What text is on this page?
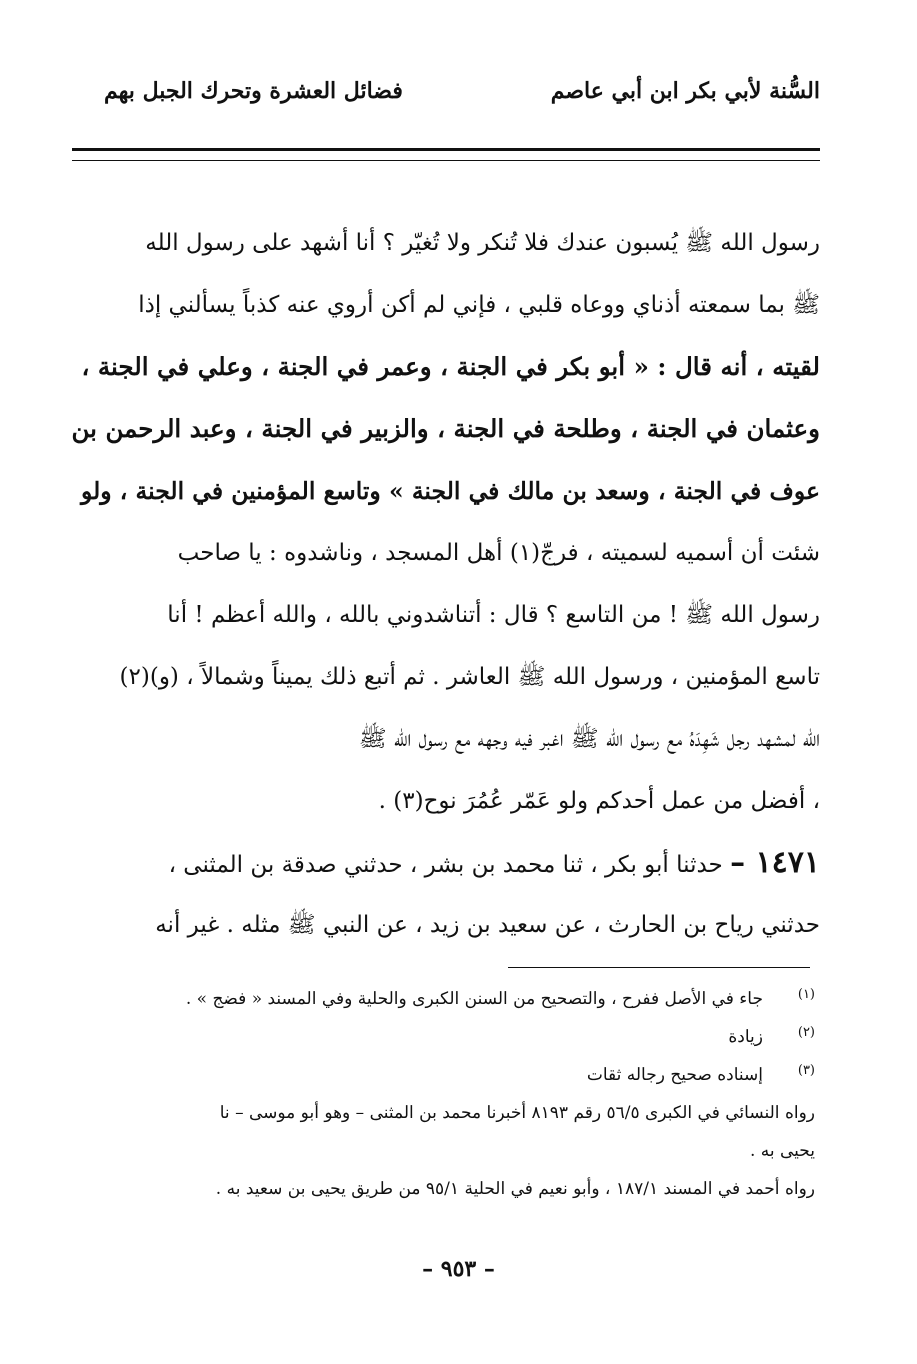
السُّنة لأبي بكر ابن أبي عاصم
فضائل العشرة وتحرك الجبل بهم
رسول الله ﷺ يُسبون عندك فلا تُنكر ولا تُغيّر ؟ أنا أشهد على رسول الله
ﷺ بما سمعته أذناي ووعاه قلبي ، فإني لم أكن أروي عنه كذباً يسألني إذا
لقيته ، أنه قال : « أبو بكر في الجنة ، وعمر في الجنة ، وعلي في الجنة ،
وعثمان في الجنة ، وطلحة في الجنة ، والزبير في الجنة ، وعبد الرحمن بن
عوف في الجنة ، وسعد بن مالك في الجنة » وتاسع المؤمنين في الجنة ، ولو
شئت أن أسميه لسميته ، فرجّ(١) أهل المسجد ، وناشدوه : يا صاحب
رسول الله ﷺ ! من التاسع ؟ قال : أتناشدوني بالله ، والله أعظم ! أنا
تاسع المؤمنين ، ورسول الله ﷺ العاشر . ثم أتبع ذلك يميناً وشمالاً ، (و)(٢)
الله لمشهد رجل شَهِدَهُ مع رسول الله ﷺ اغبر فيه وجهه مع رسول الله ﷺ
، أفضل من عمل أحدكم ولو عَمّر عُمُرَ نوح(٣) .
١٤٧١ – حدثنا أبو بكر ، ثنا محمد بن بشر ، حدثني صدقة بن المثنى ،
حدثني رياح بن الحارث ، عن سعيد بن زيد ، عن النبي ﷺ مثله . غير أنه
(١)
جاء في الأصل ففرح ، والتصحيح من السنن الكبرى والحلية وفي المسند « فضج » .
(٢)
زيادة
(٣)
إسناده صحيح رجاله ثقات
رواه النسائي في الكبرى ٥٦/٥ رقم ٨١٩٣ أخبرنا محمد بن المثنى – وهو أبو موسى – نا
يحيى به .
رواه أحمد في المسند ١٨٧/١ ، وأبو نعيم في الحلية ٩٥/١ من طريق يحيى بن سعيد به .
– ٩٥٣ –
